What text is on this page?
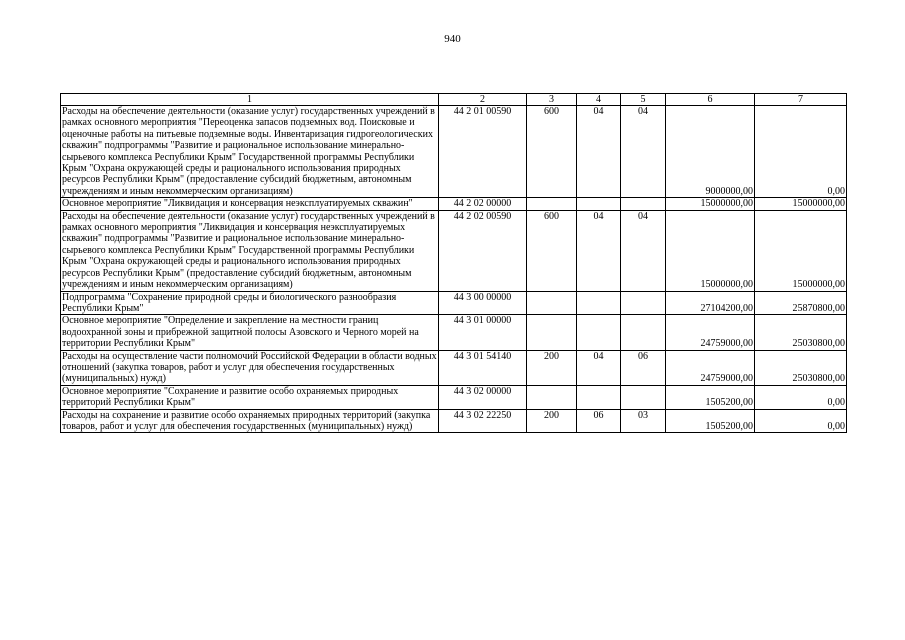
940
1	2	3	4	5	6	7
Расходы на обеспечение деятельности (оказание услуг) государственных учреждений в рамках основного мероприятия "Переоценка запасов подземных вод. Поисковые и оценочные работы на питьевые подземные воды. Инвентаризация гидрогеологических скважин" подпрограммы "Развитие и рациональное использование минерально-сырьевого комплекса Республики Крым" Государственной программы Республики Крым "Охрана окружающей среды и рационального использования природных ресурсов Республики Крым" (предоставление субсидий бюджетным, автономным учреждениям и иным некоммерческим организациям)	44 2 01 00590	600	04	04	9000000,00	0,00
Основное мероприятие "Ликвидация и консервация неэксплуатируемых скважин"	44 2 02 00000				15000000,00	15000000,00
Расходы на обеспечение деятельности (оказание услуг) государственных учреждений в рамках основного мероприятия "Ликвидация и консервация неэксплуатируемых скважин" подпрограммы "Развитие и рациональное использование минерально-сырьевого комплекса Республики Крым" Государственной программы Республики Крым "Охрана окружающей среды и рационального использования природных ресурсов Республики Крым" (предоставление субсидий бюджетным, автономным учреждениям и иным некоммерческим организациям)	44 2 02 00590	600	04	04	15000000,00	15000000,00
Подпрограмма "Сохранение природной среды и биологического разнообразия Республики Крым"	44 3 00 00000				27104200,00	25870800,00
Основное мероприятие "Определение и закрепление на местности границ водоохранной зоны и прибрежной защитной полосы Азовского и Черного морей на территории Республики Крым"	44 3 01 00000				24759000,00	25030800,00
Расходы на осуществление части полномочий Российской Федерации в области водных отношений (закупка товаров, работ и услуг для обеспечения государственных (муниципальных) нужд)	44 3 01 54140	200	04	06	24759000,00	25030800,00
Основное мероприятие "Сохранение и развитие особо охраняемых природных территорий Республики Крым"	44 3 02 00000				1505200,00	0,00
Расходы на сохранение и развитие особо охраняемых природных территорий (закупка товаров, работ и услуг для обеспечения государственных (муниципальных) нужд)	44 3 02 22250	200	06	03	1505200,00	0,00
